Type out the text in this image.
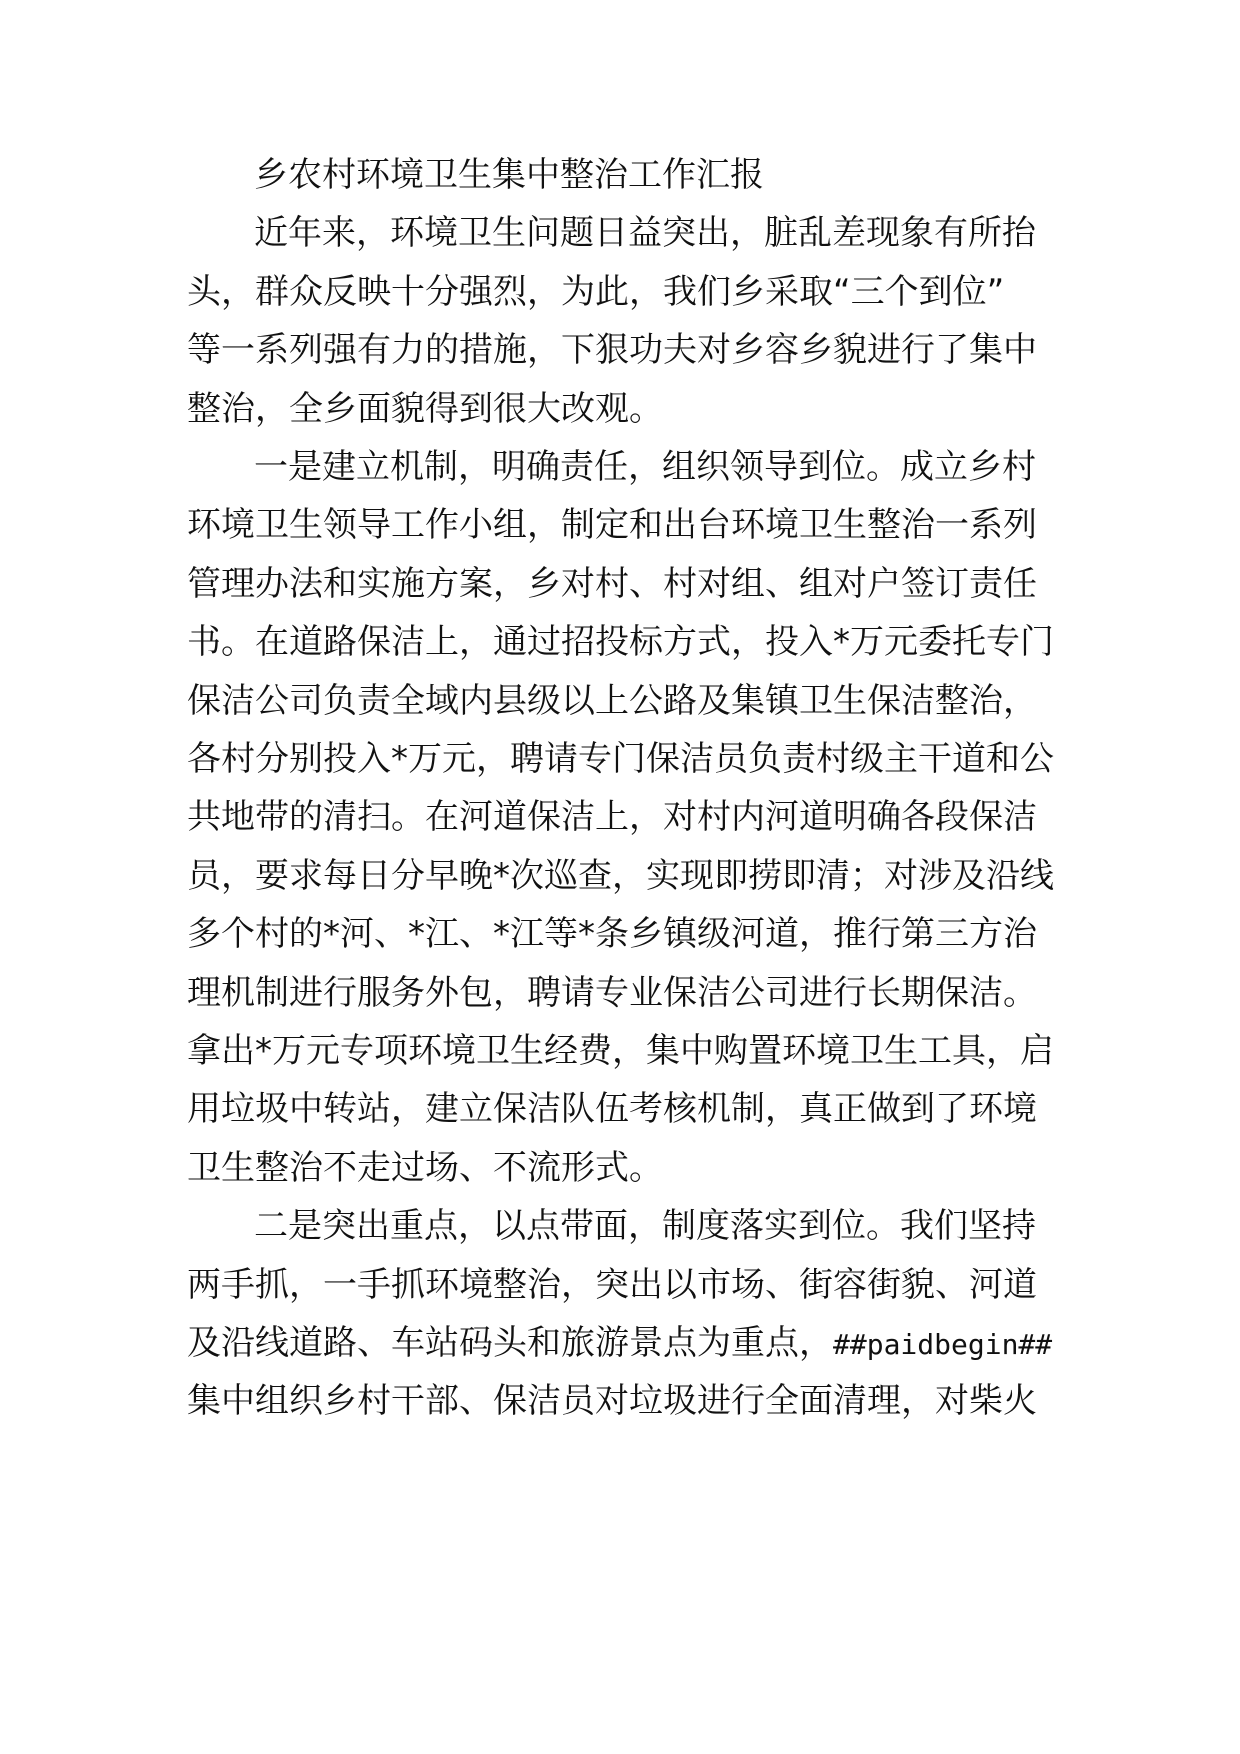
乡农村环境卫生集中整治工作汇报
近年来，环境卫生问题日益突出，脏乱差现象有所抬
头，群众反映十分强烈，为此，我们乡采取“三个到位”
等一系列强有力的措施，下狠功夫对乡容乡貌进行了集中
整治，全乡面貌得到很大改观。
一是建立机制，明确责任，组织领导到位。成立乡村
环境卫生领导工作小组，制定和出台环境卫生整治一系列
管理办法和实施方案，乡对村、村对组、组对户签订责任
书。在道路保洁上，通过招投标方式，投入*万元委托专门
保洁公司负责全域内县级以上公路及集镇卫生保洁整治，
各村分别投入*万元，聘请专门保洁员负责村级主干道和公
共地带的清扫。在河道保洁上，对村内河道明确各段保洁
员，要求每日分早晚*次巡查，实现即捞即清；对涉及沿线
多个村的*河、*江、*江等*条乡镇级河道，推行第三方治
理机制进行服务外包，聘请专业保洁公司进行长期保洁。
拿出*万元专项环境卫生经费，集中购置环境卫生工具，启
用垃圾中转站，建立保洁队伍考核机制，真正做到了环境
卫生整治不走过场、不流形式。
二是突出重点，以点带面，制度落实到位。我们坚持
两手抓，一手抓环境整治，突出以市场、街容街貌、河道
及沿线道路、车站码头和旅游景点为重点，##paidbegin##
集中组织乡村干部、保洁员对垃圾进行全面清理，对柴火
